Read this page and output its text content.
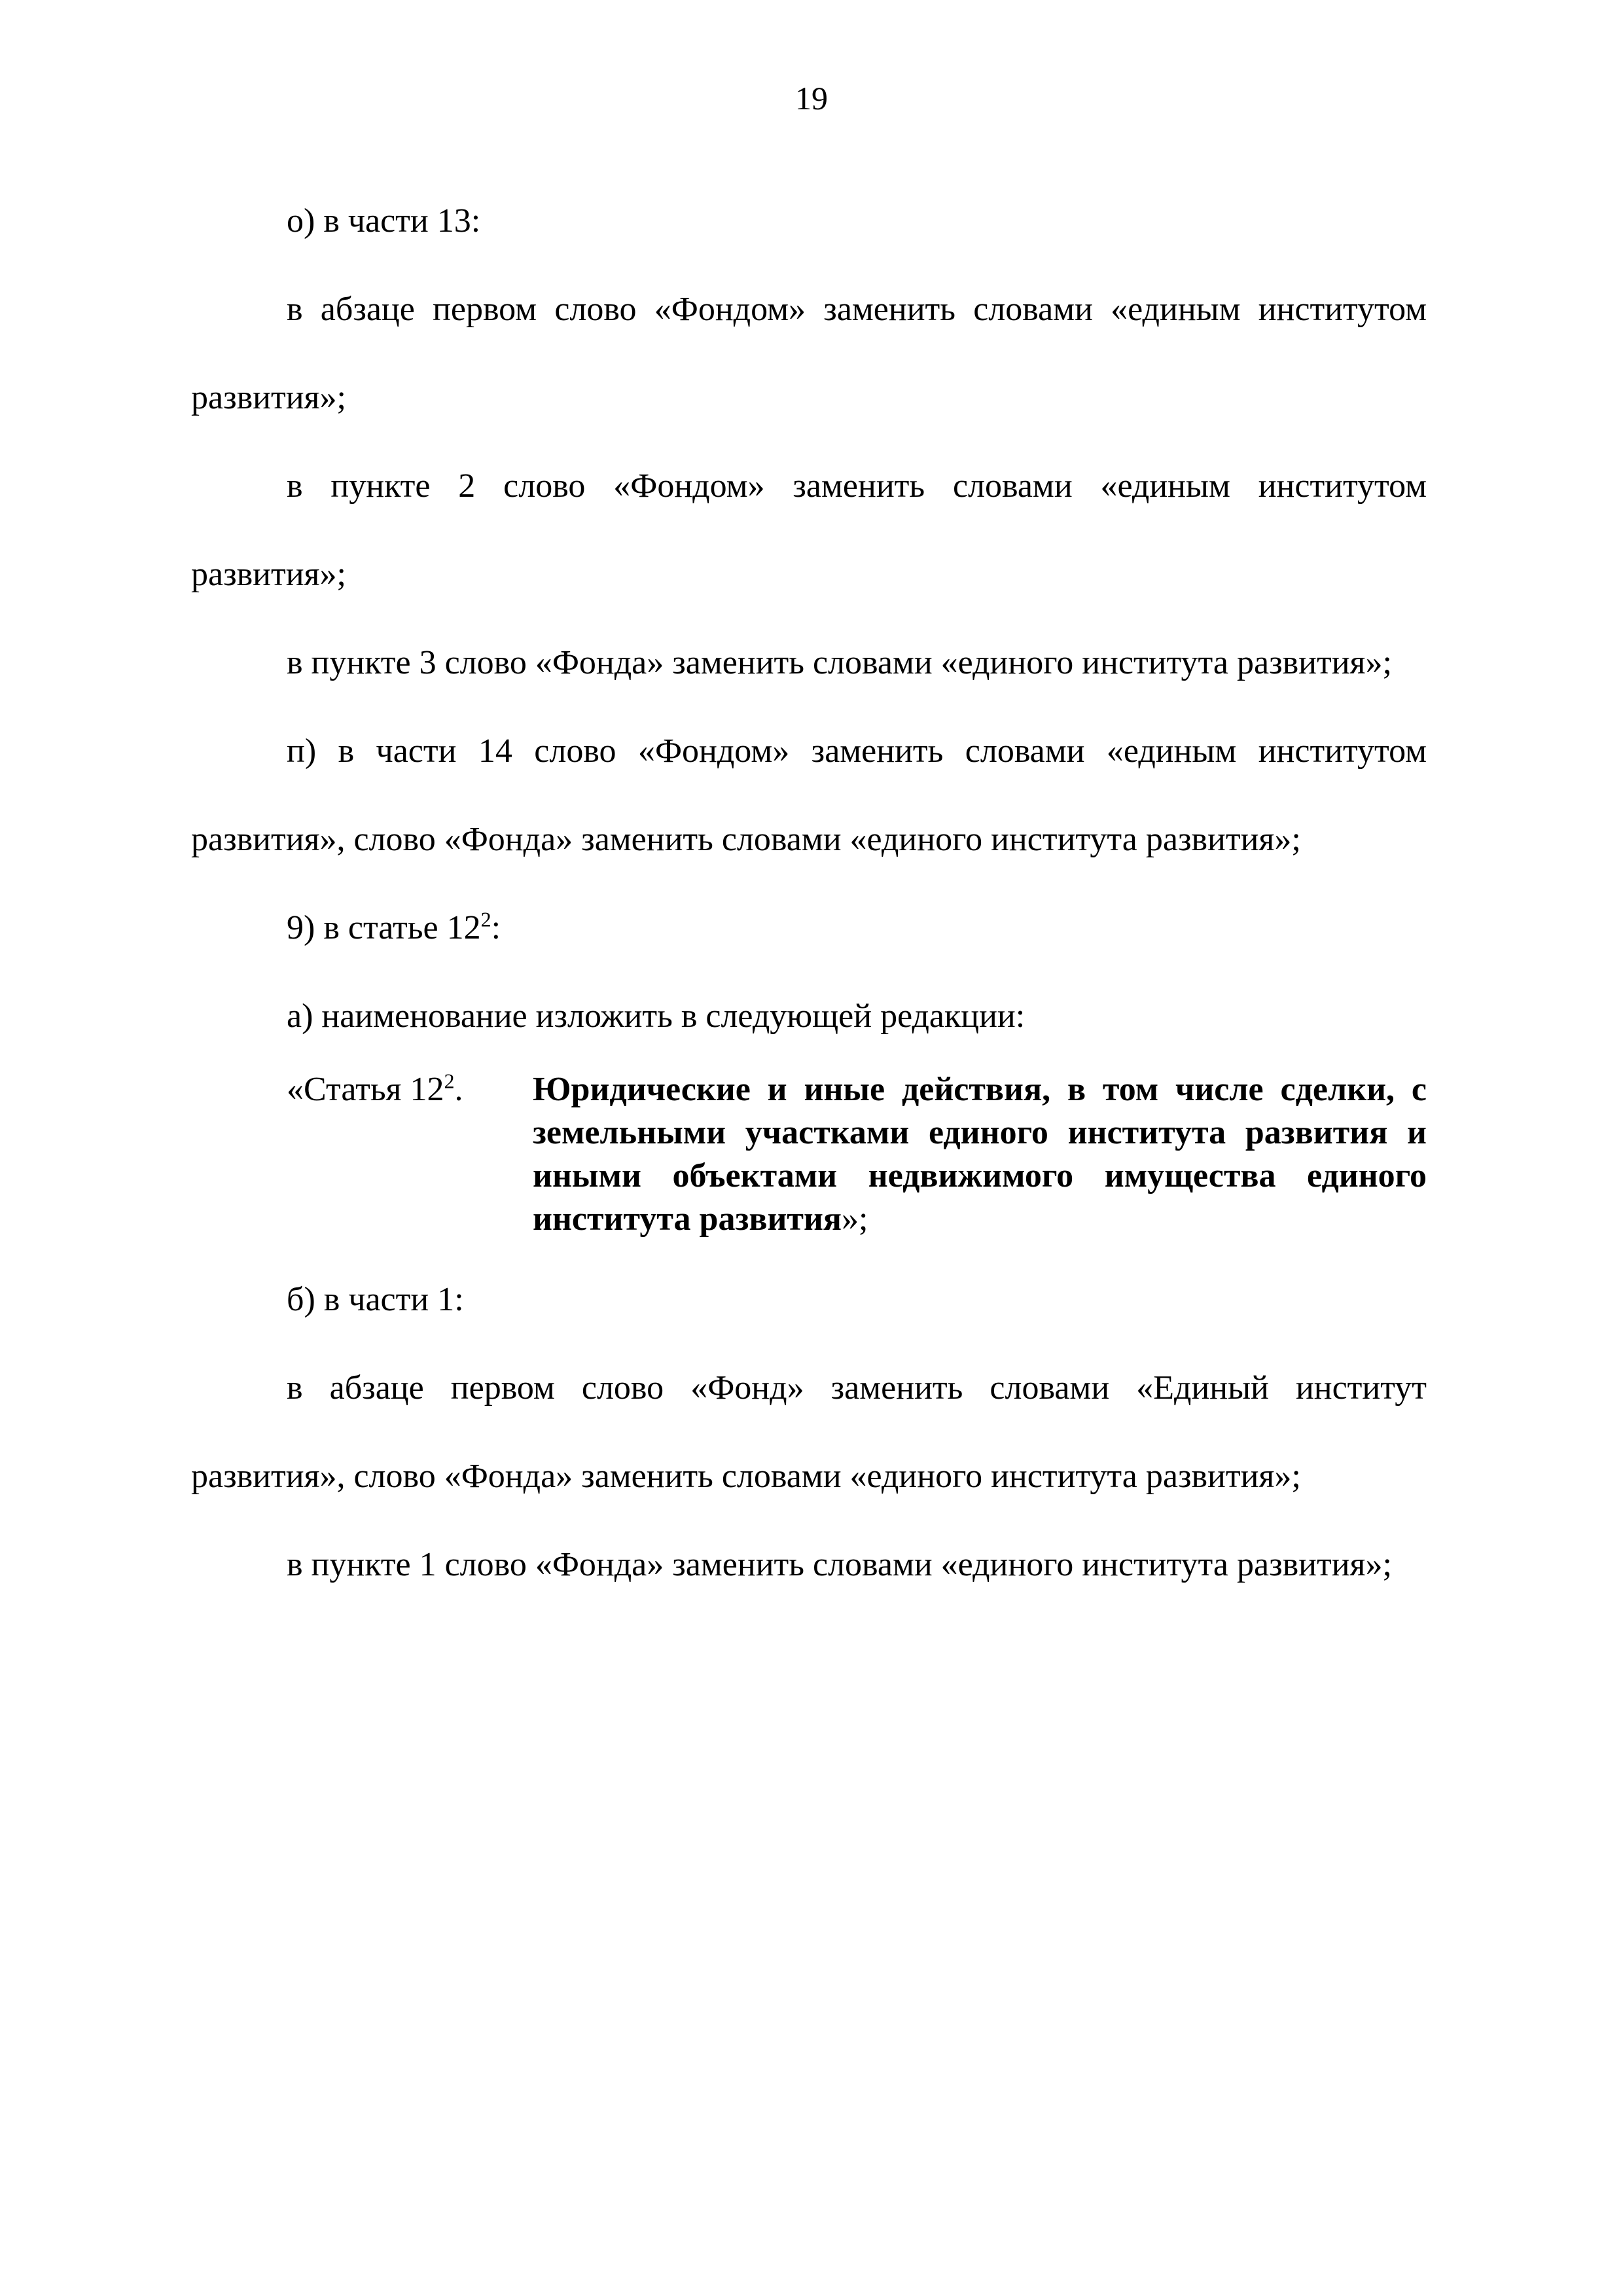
19

о) в части 13:

в абзаце первом слово «Фондом» заменить словами «единым институтом развития»;

в пункте 2 слово «Фондом» заменить словами «единым институтом развития»;

в пункте 3 слово «Фонда» заменить словами «единого института развития»;

п) в части 14 слово «Фондом» заменить словами «единым институтом развития», слово «Фонда» заменить словами «единого института развития»;

9) в статье $12^2$:

а) наименование изложить в следующей редакции:

«Статья $12^2$.	Юридические и иные действия, в том числе сделки, с земельными участками единого института развития и иными объектами недвижимого имущества единого института развития»;

б) в части 1:

в абзаце первом слово «Фонд» заменить словами «Единый институт развития», слово «Фонда» заменить словами «единого института развития»;

в пункте 1 слово «Фонда» заменить словами «единого института развития»;
